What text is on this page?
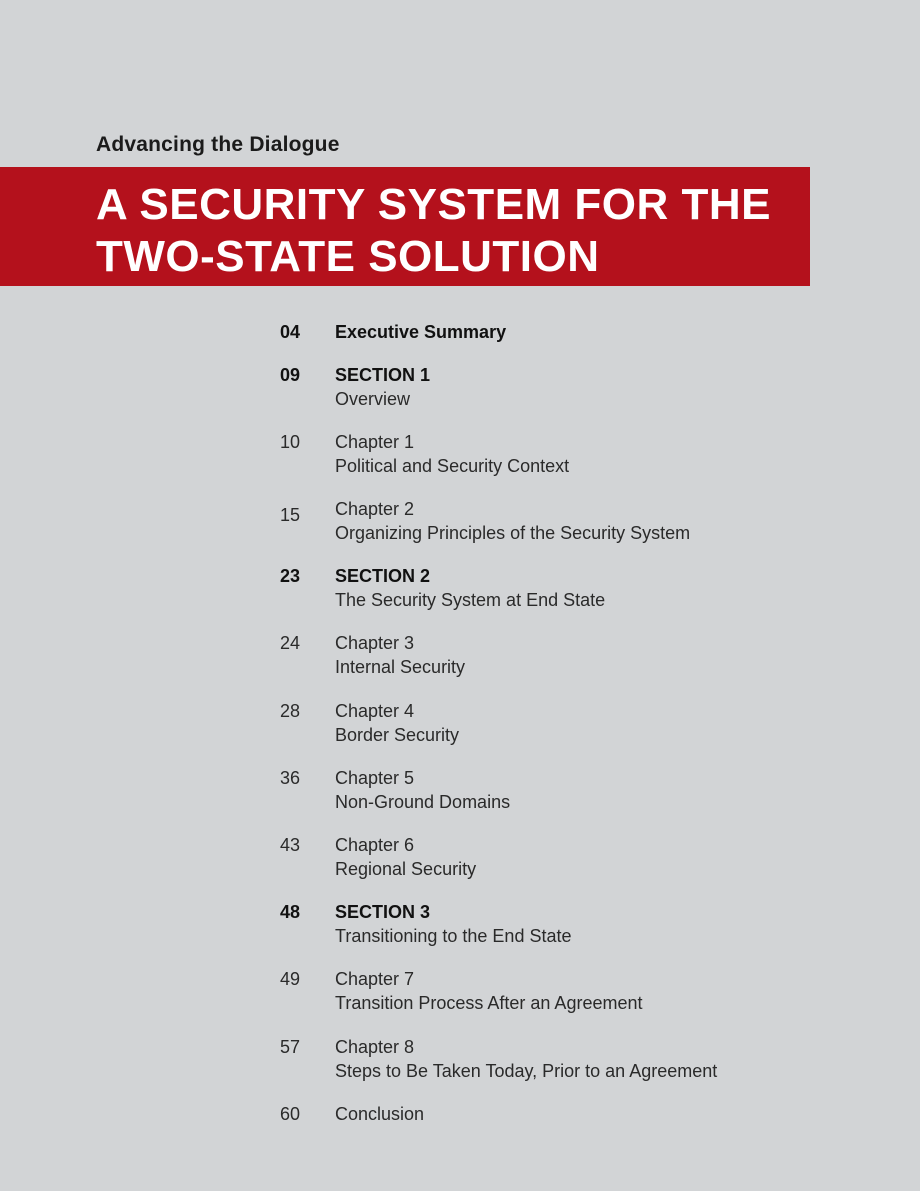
Advancing the Dialogue
A SECURITY SYSTEM FOR THE
TWO-STATE SOLUTION
04	Executive Summary
09	SECTION 1
Overview
10	Chapter 1
Political and Security Context
15	Chapter 2
Organizing Principles of the Security System
23	SECTION 2
The Security System at End State
24	Chapter 3
Internal Security
28	Chapter 4
Border Security
36	Chapter 5
Non-Ground Domains
43	Chapter 6
Regional Security
48	SECTION 3
Transitioning to the End State
49	Chapter 7
Transition Process After an Agreement
57	Chapter 8
Steps to Be Taken Today, Prior to an Agreement
60	Conclusion
